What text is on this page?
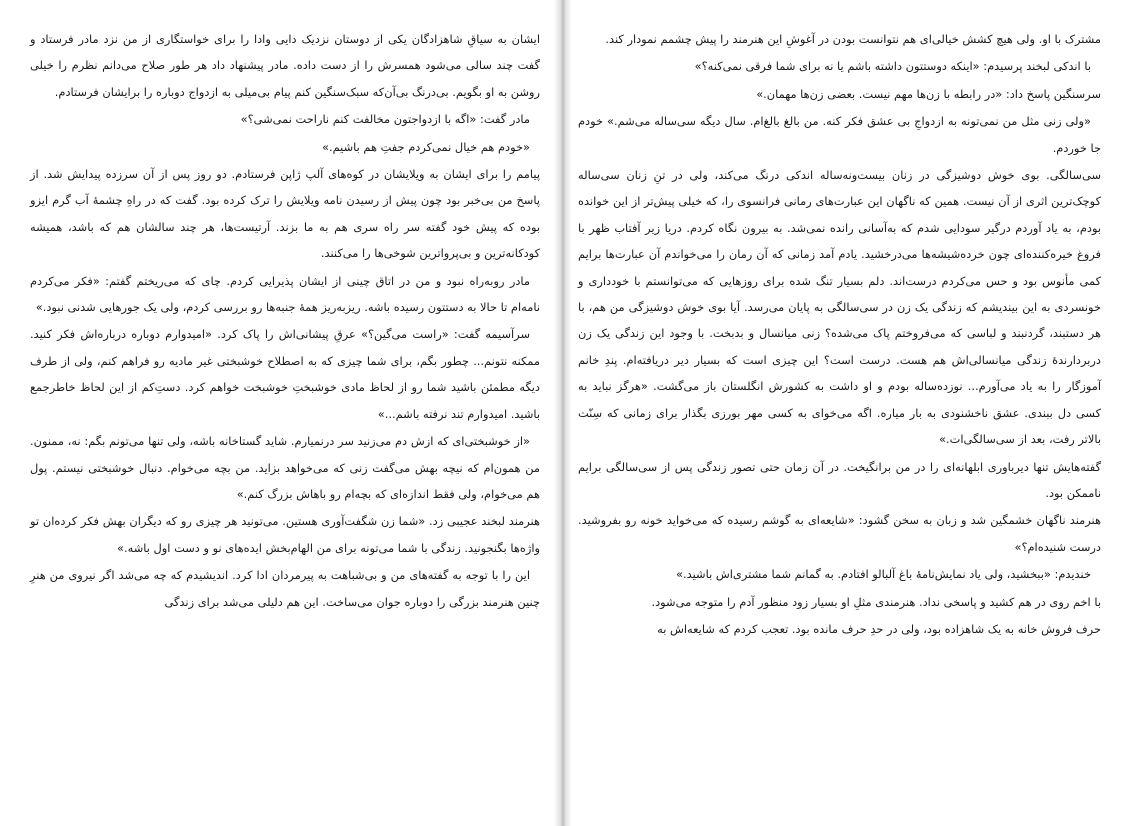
ایشان به سیاقِ شاهزادگان یکی از دوستان نزدیک دایی وادا را برای خواستگاری از من نزد مادر فرستاد و گفت چند سالی می‌شود همسرش را از دست داده. مادر پیشنهاد داد هر طور صلاح می‌دانم نظرم را خیلی روشن به او بگویم. بی‌درنگ بی‌آن‌که سبک‌سنگین کنم پیام بی‌میلی به ازدواج دوباره را برایشان فرستادم.

مادر گفت: «اگه با ازدواجتون مخالفت کنم ناراحت نمی‌شی؟»

«خودم هم خیال نمی‌کردم جفتِ هم باشیم.»

پیامم را برای ایشان به ویلایشان در کوه‌های آلپ ژاپن فرستادم. دو روز پس از آن سرزده پیدایش شد. از پاسخ من بی‌خبر بود چون پیش از رسیدن نامه ویلایش را ترک کرده بود. گفت که در راهِ چشمهٔ آب گرم ایزو بوده که پیش خود گفته سر راه سری هم به ما بزند. آرتیست‌ها، هر چند سالشان هم که باشد، همیشه کودکانه‌ترین و بی‌پرواترین شوخی‌ها را می‌کنند.

مادر روبه‌راه نبود و من در اتاق چینی از ایشان پذیرایی کردم. چای که می‌ریختم گفتم: «فکر می‌کردم نامه‌ام تا حالا به دستتون رسیده باشه. ریزبه‌ریز همهٔ جنبه‌ها رو بررسی کردم، ولی یک جورهایی شدنی نبود.»

سرآسیمه گفت: «راست می‌گین؟» عرقِ پیشانی‌اش را پاک کرد. «امیدوارم دوباره درباره‌اش فکر کنید. ممکنه نتونم... چطور بگم، برای شما چیزی که به اصطلاح خوشبختی غیر مادیه رو فراهم کنم، ولی از طرف دیگه مطمئن باشید شما رو از لحاظ مادی خوشبختِ خوشبخت خواهم کرد. دستِ‌کم از این لحاظ خاطرجمع باشید. امیدوارم تند نرفته باشم...»

«از خوشبختی‌ای که ازش دم می‌زنید سر درنمیارم. شاید گستاخانه باشه، ولی تنها می‌تونم بگم: نه، ممنون. من همون‌ام که نیچه بهش می‌گفت زنی که می‌خواهد بزاید. من بچه می‌خوام. دنبال خوشبختی نیستم. پول هم می‌خوام، ولی فقط اندازه‌ای که بچه‌ام رو باهاش بزرگ کنم.»

هنرمند لبخند عجیبی زد. «شما زن شگفت‌آوری هستین. می‌تونید هر چیزی رو که دیگران بهش فکر کرده‌ان تو واژه‌ها بگنجونید. زندگی با شما می‌تونه برای من الهام‌بخش ایده‌های نو و دست اول باشه.»

این را با توجه به گفته‌های من و بی‌شباهت به پیرمردان ادا کرد. اندیشیدم که چه می‌شد اگر نیروی من هنرِ چنین هنرمند بزرگی را دوباره جوان می‌ساخت. این هم دلیلی می‌شد برای زندگی

مشترک با او. ولی هیچ کشش خیالی‌ای هم نتوانست بودن در آغوشِ این هنرمند را پیش چشمم نمودار کند.

با اندکی لبخند پرسیدم: «اینکه دوستتون داشته باشم یا نه برای شما فرقی نمی‌کنه؟»

سرسنگین پاسخ داد: «در رابطه با زن‌ها مهم نیست. بعضی زن‌ها مهمان.»

«ولی زنی مثل من نمی‌تونه به ازدواجِ بی عشق فکر کنه. من بالغ بالغ‌ام. سال دیگه سی‌ساله می‌شم.» خودم جا خوردم.

سی‌سالگی. بوی خوش دوشیزگی در زنان بیست‌ونه‌ساله اندکی درنگ می‌کند، ولی در تنِ زنان سی‌ساله کوچک‌ترین اثری از آن نیست. همین که ناگهان این عبارت‌های رمانی فرانسوی را، که خیلی پیش‌تر از این خوانده بودم، به یاد آوردم درگیر سودایی شدم که به‌آسانی رانده نمی‌شد. به بیرون نگاه کردم. دریا زیر آفتاب ظهر با فروغ خیره‌کننده‌ای چون خرده‌شیشه‌ها می‌درخشید. یادم آمد زمانی که آن رمان را می‌خواندم آن عبارت‌ها برایم کمی مأنوس بود و حس می‌کردم درست‌اند. دلم بسیار تنگ شده برای روزهایی که می‌توانستم با خودداری و خونسردی به این بیندیشم که زندگی یک زن در سی‌سالگی به پایان می‌رسد. آیا بوی خوش دوشیزگی من هم، با هر دستبند، گردنبند و لباسی که می‌فروختم پاک می‌شده؟ زنی میانسال و بدبخت. با وجود این زندگی یک زن دربردارندهٔ زندگی میانسالی‌اش هم هست. درست است؟ این چیزی است که بسیار دیر دریافته‌ام. پندِ خانم آموزگار را به یاد می‌آورم... نوزده‌ساله بودم و او داشت به کشورش انگلستان باز می‌گشت. «هرگز نباید به کسی دل ببندی. عشق ناخشنودی به بار میاره. اگه می‌خوای به کسی مهر بورزی بگذار برای زمانی که سِنّت بالاتر رفت، بعد از سی‌سالگی‌ات.»

گفته‌هایش تنها دیرباوری ابلهانه‌ای را در من برانگیخت. در آن زمان حتی تصور زندگی پس از سی‌سالگی برایم ناممکن بود.

هنرمند ناگهان خشمگین شد و زبان به سخن گشود: «شایعه‌ای به گوشم رسیده که می‌خواید خونه رو بفروشید. درست شنیده‌ام؟»

خندیدم: «ببخشید، ولی یاد نمایش‌نامهٔ باغ آلبالو افتادم. به گمانم شما مشتری‌اش باشید.»

با اخم روی در هم کشید و پاسخی نداد. هنرمندی مثلِ او بسیار زود منظور آدم را متوجه می‌شود.

حرف فروش خانه به یک شاهزاده بود، ولی در حدِ حرف مانده بود. تعجب کردم که شایعه‌اش به
